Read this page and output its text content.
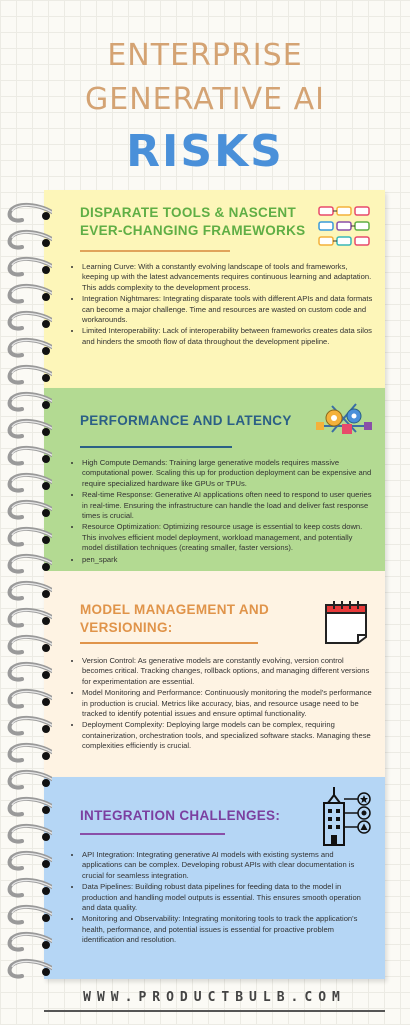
ENTERPRISE
GENERATIVE AI
RISKS
DISPARATE TOOLS & NASCENT EVER-CHANGING FRAMEWORKS
• Learning Curve: With a constantly evolving landscape of tools and frameworks, keeping up with the latest advancements requires continuous learning and adaptation. This adds complexity to the development process.
• Integration Nightmares: Integrating disparate tools with different APIs and data formats can become a major challenge. Time and resources are wasted on custom code and workarounds.
• Limited Interoperability: Lack of interoperability between frameworks creates data silos and hinders the smooth flow of data throughout the development pipeline.
PERFORMANCE AND LATENCY
• High Compute Demands: Training large generative models requires massive computational power. Scaling this up for production deployment can be expensive and require specialized hardware like GPUs or TPUs.
• Real-time Response: Generative AI applications often need to respond to user queries in real-time. Ensuring the infrastructure can handle the load and deliver fast response times is crucial.
• Resource Optimization: Optimizing resource usage is essential to keep costs down. This involves efficient model deployment, workload management, and potentially model distillation techniques (creating smaller, faster versions).
• pen_spark
MODEL MANAGEMENT AND VERSIONING:
• Version Control: As generative models are constantly evolving, version control becomes critical. Tracking changes, rollback options, and managing different versions for experimentation are essential.
• Model Monitoring and Performance: Continuously monitoring the model's performance in production is crucial. Metrics like accuracy, bias, and resource usage need to be tracked to identify potential issues and ensure optimal functionality.
• Deployment Complexity: Deploying large models can be complex, requiring containerization, orchestration tools, and specialized software stacks. Managing these complexities efficiently is crucial.
INTEGRATION CHALLENGES:
• API Integration: Integrating generative AI models with existing systems and applications can be complex. Developing robust APIs with clear documentation is crucial for seamless integration.
• Data Pipelines: Building robust data pipelines for feeding data to the model in production and handling model outputs is essential. This ensures smooth operation and data quality.
• Monitoring and Observability: Integrating monitoring tools to track the application's health, performance, and potential issues is essential for proactive problem identification and resolution.
WWW.PRODUCTBULB.COM
